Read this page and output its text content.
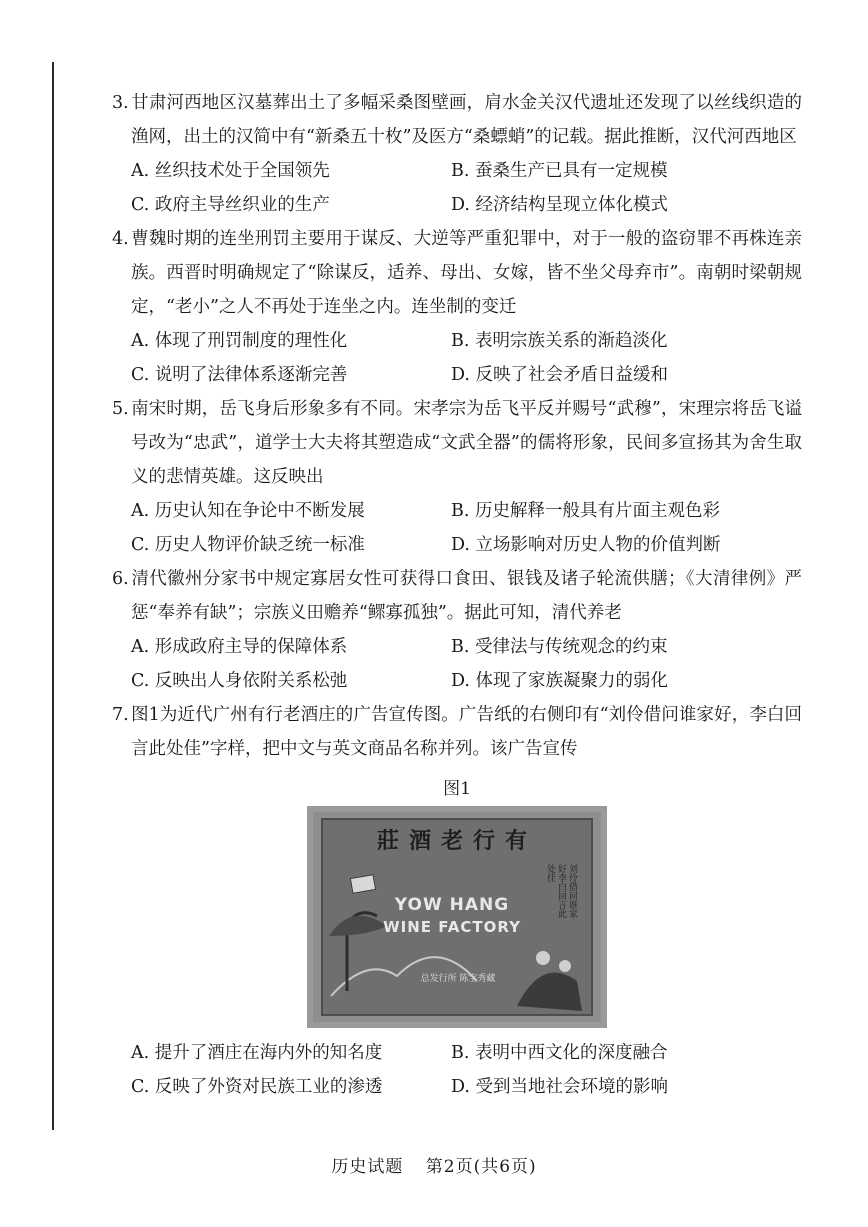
3. 甘肃河西地区汉墓葬出土了多幅采桑图壁画，肩水金关汉代遗址还发现了以丝线织造的渔网，出土的汉简中有“新桑五十枚”及医方“桑螵蛸”的记载。据此推断，汉代河西地区

A. 丝织技术处于全国领先	B. 蚕桑生产已具有一定规模
C. 政府主导丝织业的生产	D. 经济结构呈现立体化模式

4. 曹魏时期的连坐刑罚主要用于谋反、大逆等严重犯罪中，对于一般的盗窃罪不再株连亲族。西晋时明确规定了“除谋反，适养、母出、女嫁，皆不坐父母弃市”。南朝时梁朝规定，“老小”之人不再处于连坐之内。连坐制的变迁

A. 体现了刑罚制度的理性化	B. 表明宗族关系的渐趋淡化
C. 说明了法律体系逐渐完善	D. 反映了社会矛盾日益缓和

5. 南宋时期，岳飞身后形象多有不同。宋孝宗为岳飞平反并赐号“武穆”，宋理宗将岳飞谥号改为“忠武”，道学士大夫将其塑造成“文武全器”的儒将形象，民间多宣扬其为舍生取义的悲情英雄。这反映出

A. 历史认知在争论中不断发展	B. 历史解释一般具有片面主观色彩
C. 历史人物评价缺乏统一标准	D. 立场影响对历史人物的价值判断

6. 清代徽州分家书中规定寡居女性可获得口食田、银钱及诸子轮流供膳；《大清律例》严惩“奉养有缺”；宗族义田赡养“鳏寡孤独”。据此可知，清代养老

A. 形成政府主导的保障体系	B. 受律法与传统观念的约束
C. 反映出人身依附关系松弛	D. 体现了家族凝聚力的弱化

7. 图1为近代广州有行老酒庄的广告宣传图。广告纸的右侧印有“刘伶借问谁家好，李白回言此处佳”字样，把中文与英文商品名称并列。该广告宣传

图1
莊酒老行有
YOW HANG
WINE FACTORY
刘伶借问谁家好李白回言此处佳
总发行所 陈宝秀藏
A. 提升了酒庄在海内外的知名度	B. 表明中西文化的深度融合
C. 反映了外资对民族工业的渗透	D. 受到当地社会环境的影响
历史试题 第2页(共6页)
